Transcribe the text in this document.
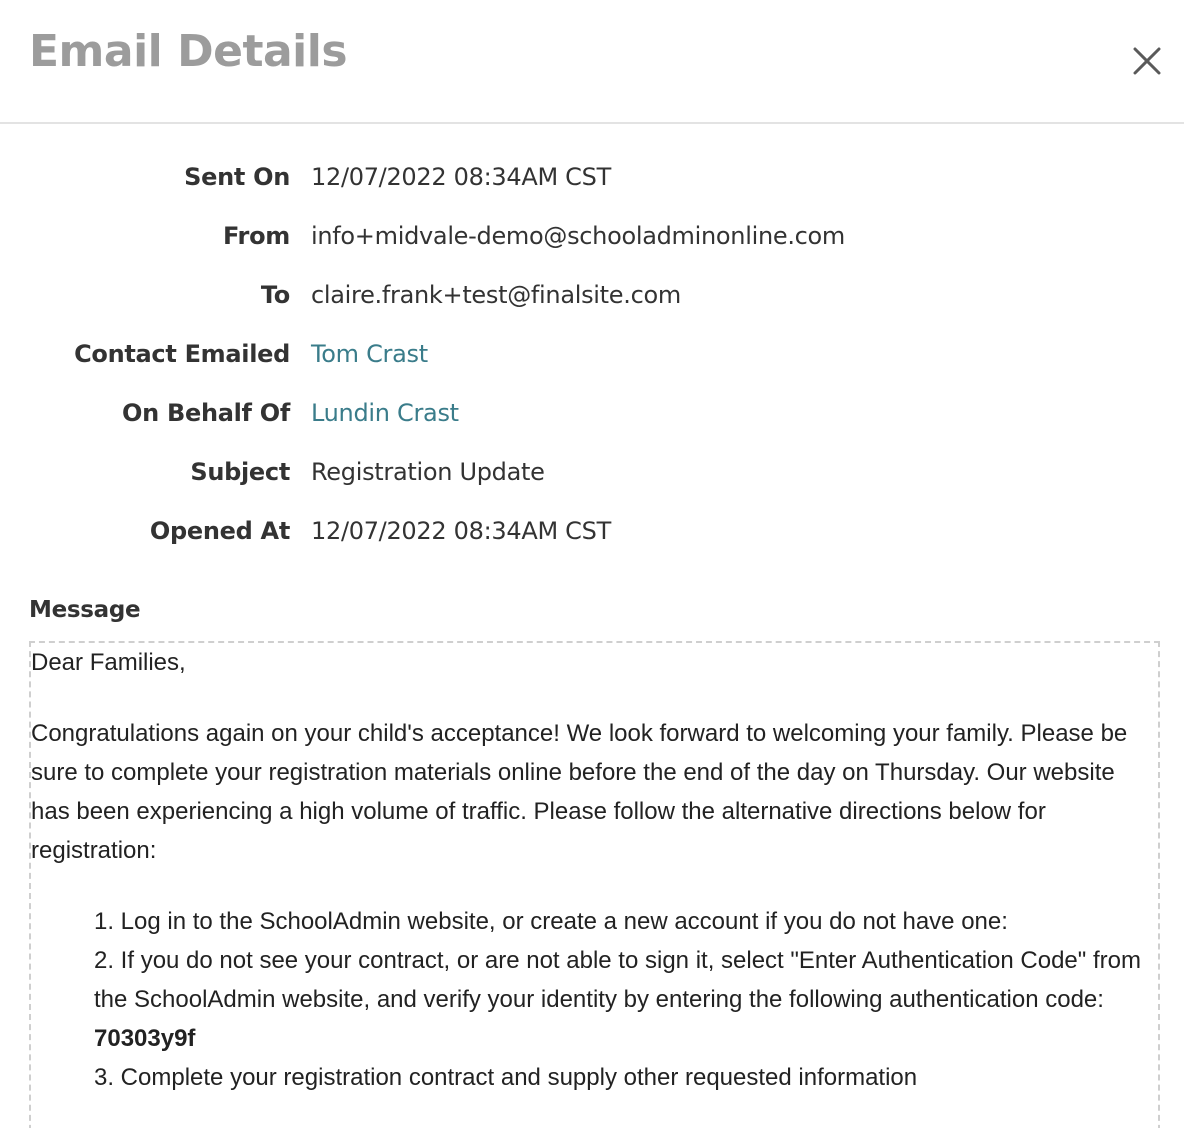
Email Details
Sent On 12/07/2022 08:34AM CST
From info+midvale-demo@schooladminonline.com
To claire.frank+test@finalsite.com
Contact Emailed Tom Crast
On Behalf Of Lundin Crast
Subject Registration Update
Opened At 12/07/2022 08:34AM CST
Message

Dear Families,

Congratulations again on your child's acceptance! We look forward to welcoming your family. Please be sure to complete your registration materials online before the end of the day on Thursday. Our website has been experiencing a high volume of traffic. Please follow the alternative directions below for registration:

1. Log in to the SchoolAdmin website, or create a new account if you do not have one:
2. If you do not see your contract, or are not able to sign it, select "Enter Authentication Code" from the SchoolAdmin website, and verify your identity by entering the following authentication code: 70303y9f
3. Complete your registration contract and supply other requested information
